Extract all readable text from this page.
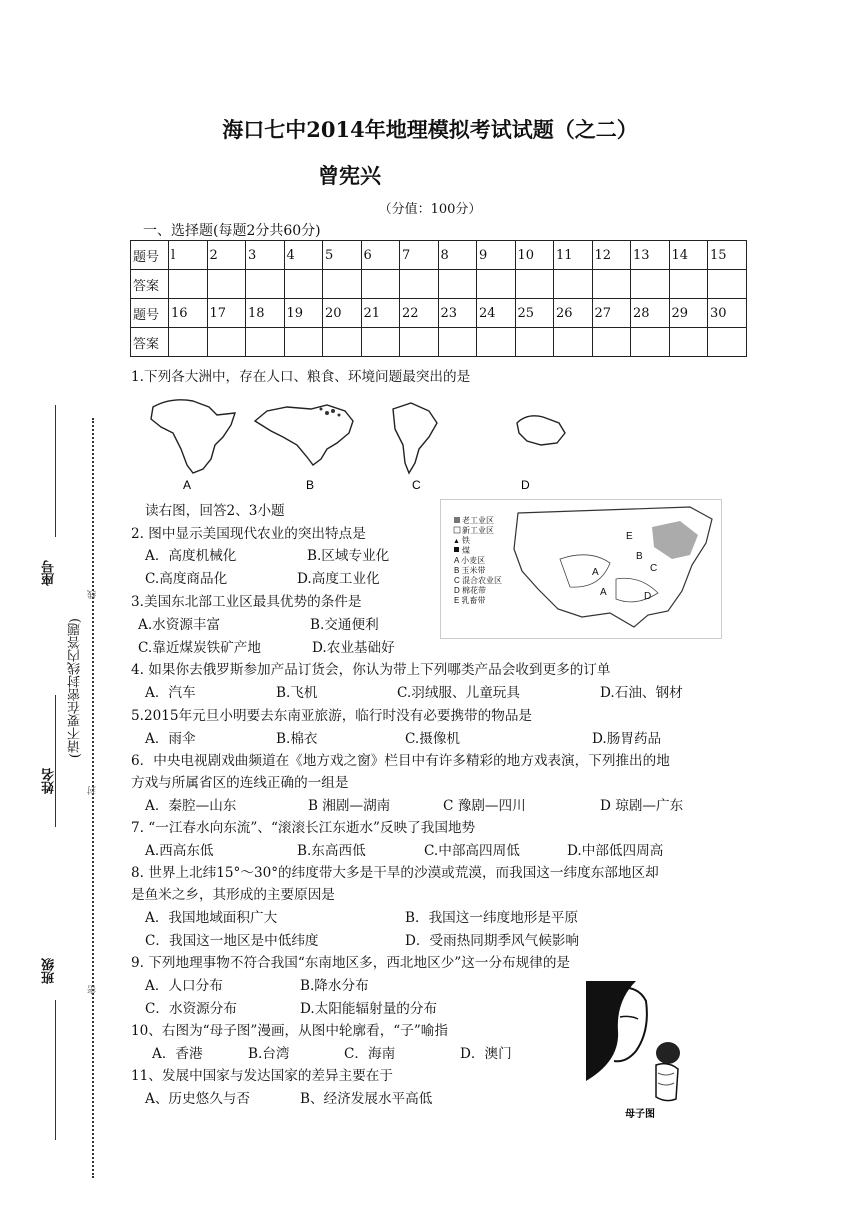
海口七中2014年地理模拟考试试题（之二）
曾宪兴
（分值：100分）
一、选择题(每题2分共60分)
题号	l	2	3	4	5	6	7	8	9	10	11	12	13	14	15
答案															
题号	16	17	18	19	20	21	22	23	24	25	26	27	28	29	30
答案															
1.下列各大洲中，存在人口、粮食、环境问题最突出的是
A	B	C	D
老工业区
新工业区
▲ 铁
煤
A 小麦区
B 玉米带
C 混合农业区
D 棉花带
E 乳畜带
A
E
B
C
D
A
读右图，回答2、3小题
2. 图中显示美国现代农业的突出特点是
A．高度机械化	B.区域专业化
C.高度商品化	D.高度工业化
3.美国东北部工业区最具优势的条件是
A.水资源丰富	B.交通便利
C.靠近煤炭铁矿产地	D.农业基础好
4. 如果你去俄罗斯参加产品订货会，你认为带上下列哪类产品会收到更多的订单
A．汽车	B.飞机	C.羽绒服、儿童玩具	D.石油、钢材
5.2015年元旦小明要去东南亚旅游，临行时没有必要携带的物品是
A．雨伞	B.棉衣	C.摄像机	D.肠胃药品
6．中央电视剧戏曲频道在《地方戏之窗》栏目中有许多精彩的地方戏表演，下列推出的地
方戏与所属省区的连线正确的一组是
A．秦腔—山东	B 湘剧—湖南	C 豫剧—四川	D 琼剧—广东
7. “一江春水向东流”、“滚滚长江东逝水”反映了我国地势
A.西高东低	B.东高西低	C.中部高四周低	D.中部低四周高
8. 世界上北纬15°～30°的纬度带大多是干旱的沙漠或荒漠，而我国这一纬度东部地区却
是鱼米之乡，其形成的主要原因是
A．我国地域面积广大	B．我国这一纬度地形是平原
C．我国这一地区是中低纬度	D．受雨热同期季风气候影响
9. 下列地理事物不符合我国“东南地区多，西北地区少”这一分布规律的是
A．人口分布	B.降水分布
C．水资源分布	D.太阳能辐射量的分布
10、右图为“母子图”漫画，从图中轮廓看，“子”喻指
A．香港	B.台湾	C．海南	D．澳门
11、发展中国家与发达国家的差异主要在于
A、历史悠久与否	B、经济发展水平高低
母子图
座号
姓名
班级
(请不要在密封线内答题)
线
封
密
